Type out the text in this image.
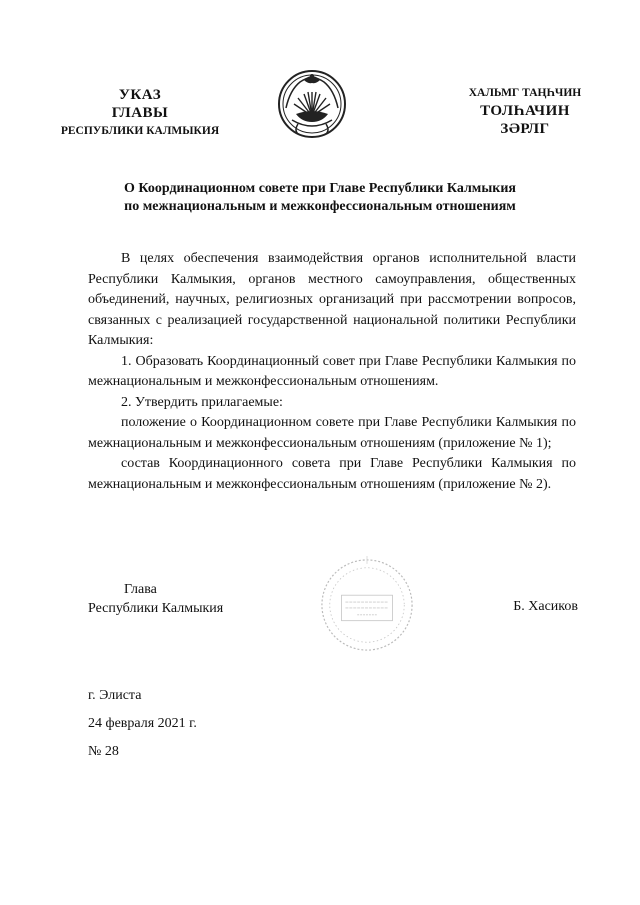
УКАЗ
ГЛАВЫ
РЕСПУБЛИКИ КАЛМЫКИЯ
ХАЛЬМГ ТАҢҺЧИН
ТОЛҺАЧИН
ЗӘРЛГ
О Координационном совете при Главе Республики Калмыкия
по межнациональным и межконфессиональным отношениям

В целях обеспечения взаимодействия органов исполнительной власти Республики Калмыкия, органов местного самоуправления, общественных объединений, научных, религиозных организаций при рассмотрении вопросов, связанных с реализацией государственной национальной политики Республики Калмыкия:

1. Образовать Координационный совет при Главе Республики Калмыкия по межнациональным и межконфессиональным отношениям.

2. Утвердить прилагаемые:

положение о Координационном совете при Главе Республики Калмыкия по межнациональным и межконфессиональным отношениям (приложение № 1);

состав Координационного совета при Главе Республики Калмыкия по межнациональным и межконфессиональным отношениям (приложение № 2).

Глава
Республики Калмыкия	Б. Хасиков
г. Элиста
24 февраля 2021 г.
№ 28
